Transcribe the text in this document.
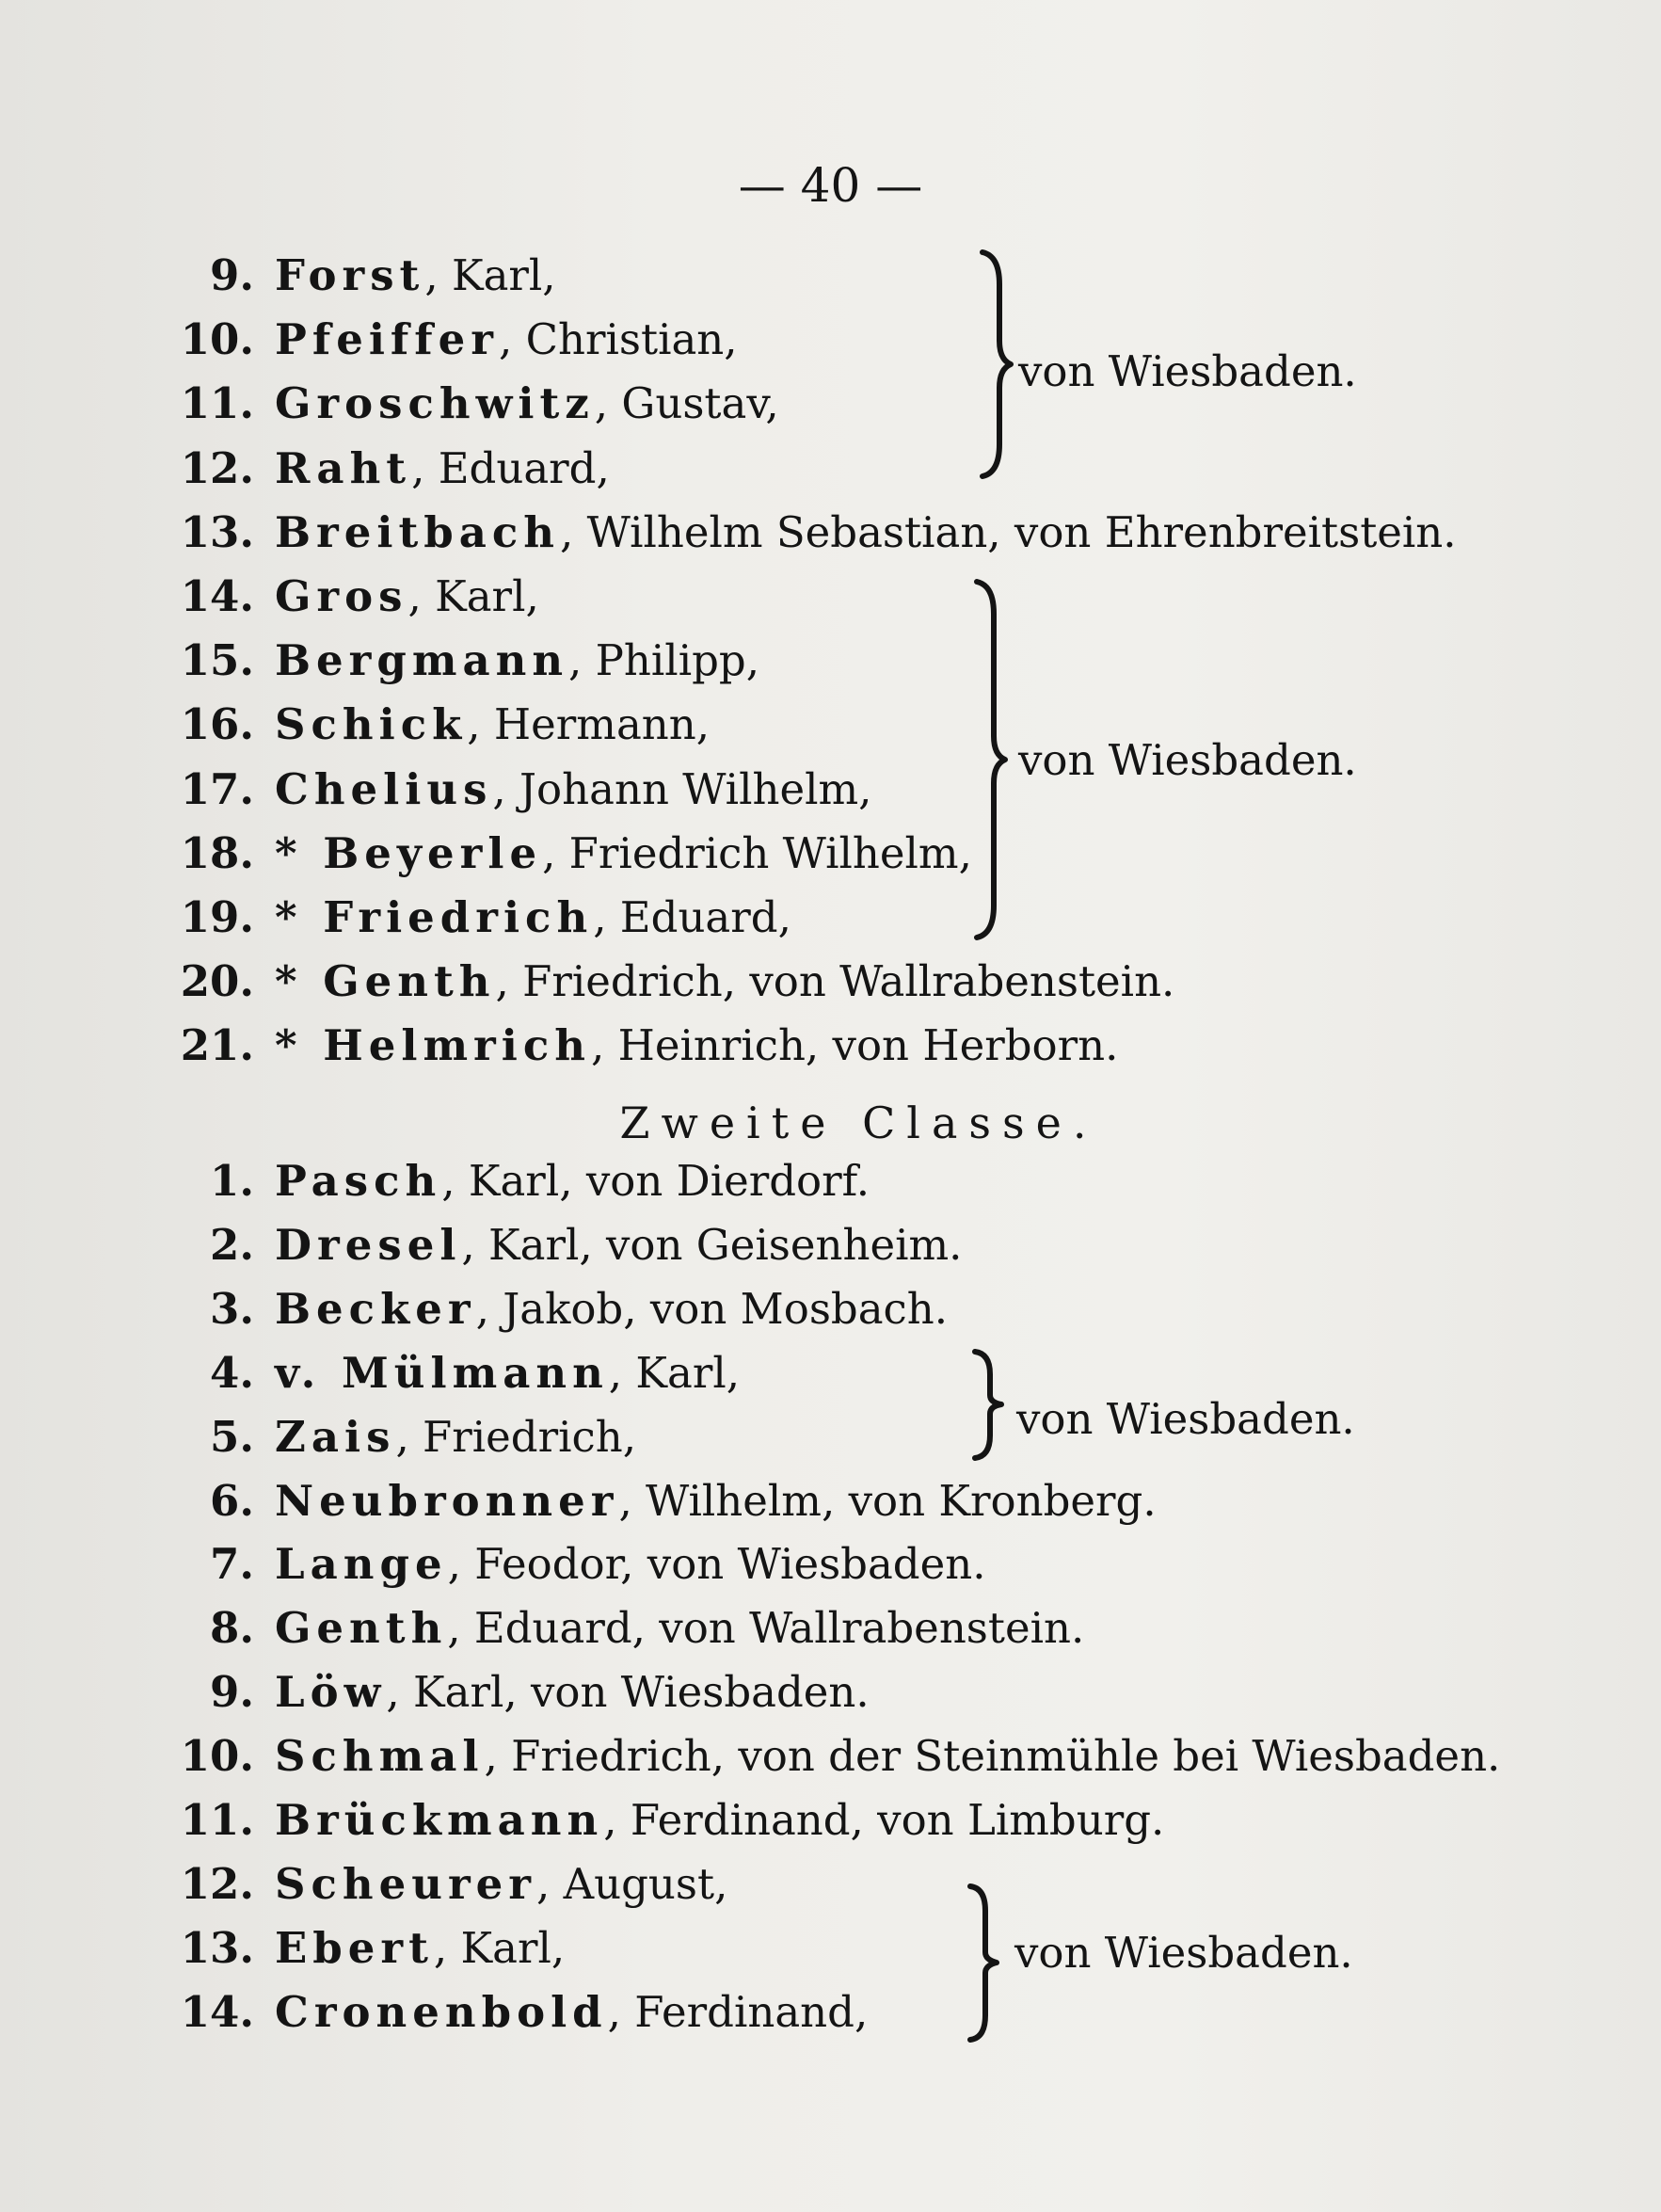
— 40 —
9. Forst, Karl,
10. Pfeiffer, Christian,
11. Groschwitz, Gustav,
12. Raht, Eduard,
13. Breitbach, Wilhelm Sebastian, von Ehrenbreitstein.
14. Gros, Karl,
15. Bergmann, Philipp,
16. Schick, Hermann,
17. Chelius, Johann Wilhelm,
18. * Beyerle, Friedrich Wilhelm,
19. * Friedrich, Eduard,
20. * Genth, Friedrich, von Wallrabenstein.
21. * Helmrich, Heinrich, von Herborn.
Zweite Classe.
1. Pasch, Karl, von Dierdorf.
2. Dresel, Karl, von Geisenheim.
3. Becker, Jakob, von Mosbach.
4. v. Mülmann, Karl,
5. Zais, Friedrich,
6. Neubronner, Wilhelm, von Kronberg.
7. Lange, Feodor, von Wiesbaden.
8. Genth, Eduard, von Wallrabenstein.
9. Löw, Karl, von Wiesbaden.
10. Schmal, Friedrich, von der Steinmühle bei Wiesbaden.
11. Brückmann, Ferdinand, von Limburg.
12. Scheurer, August,
13. Ebert, Karl,
14. Cronenbold, Ferdinand,
von Wiesbaden.
von Wiesbaden.
von Wiesbaden.
von Wiesbaden.
